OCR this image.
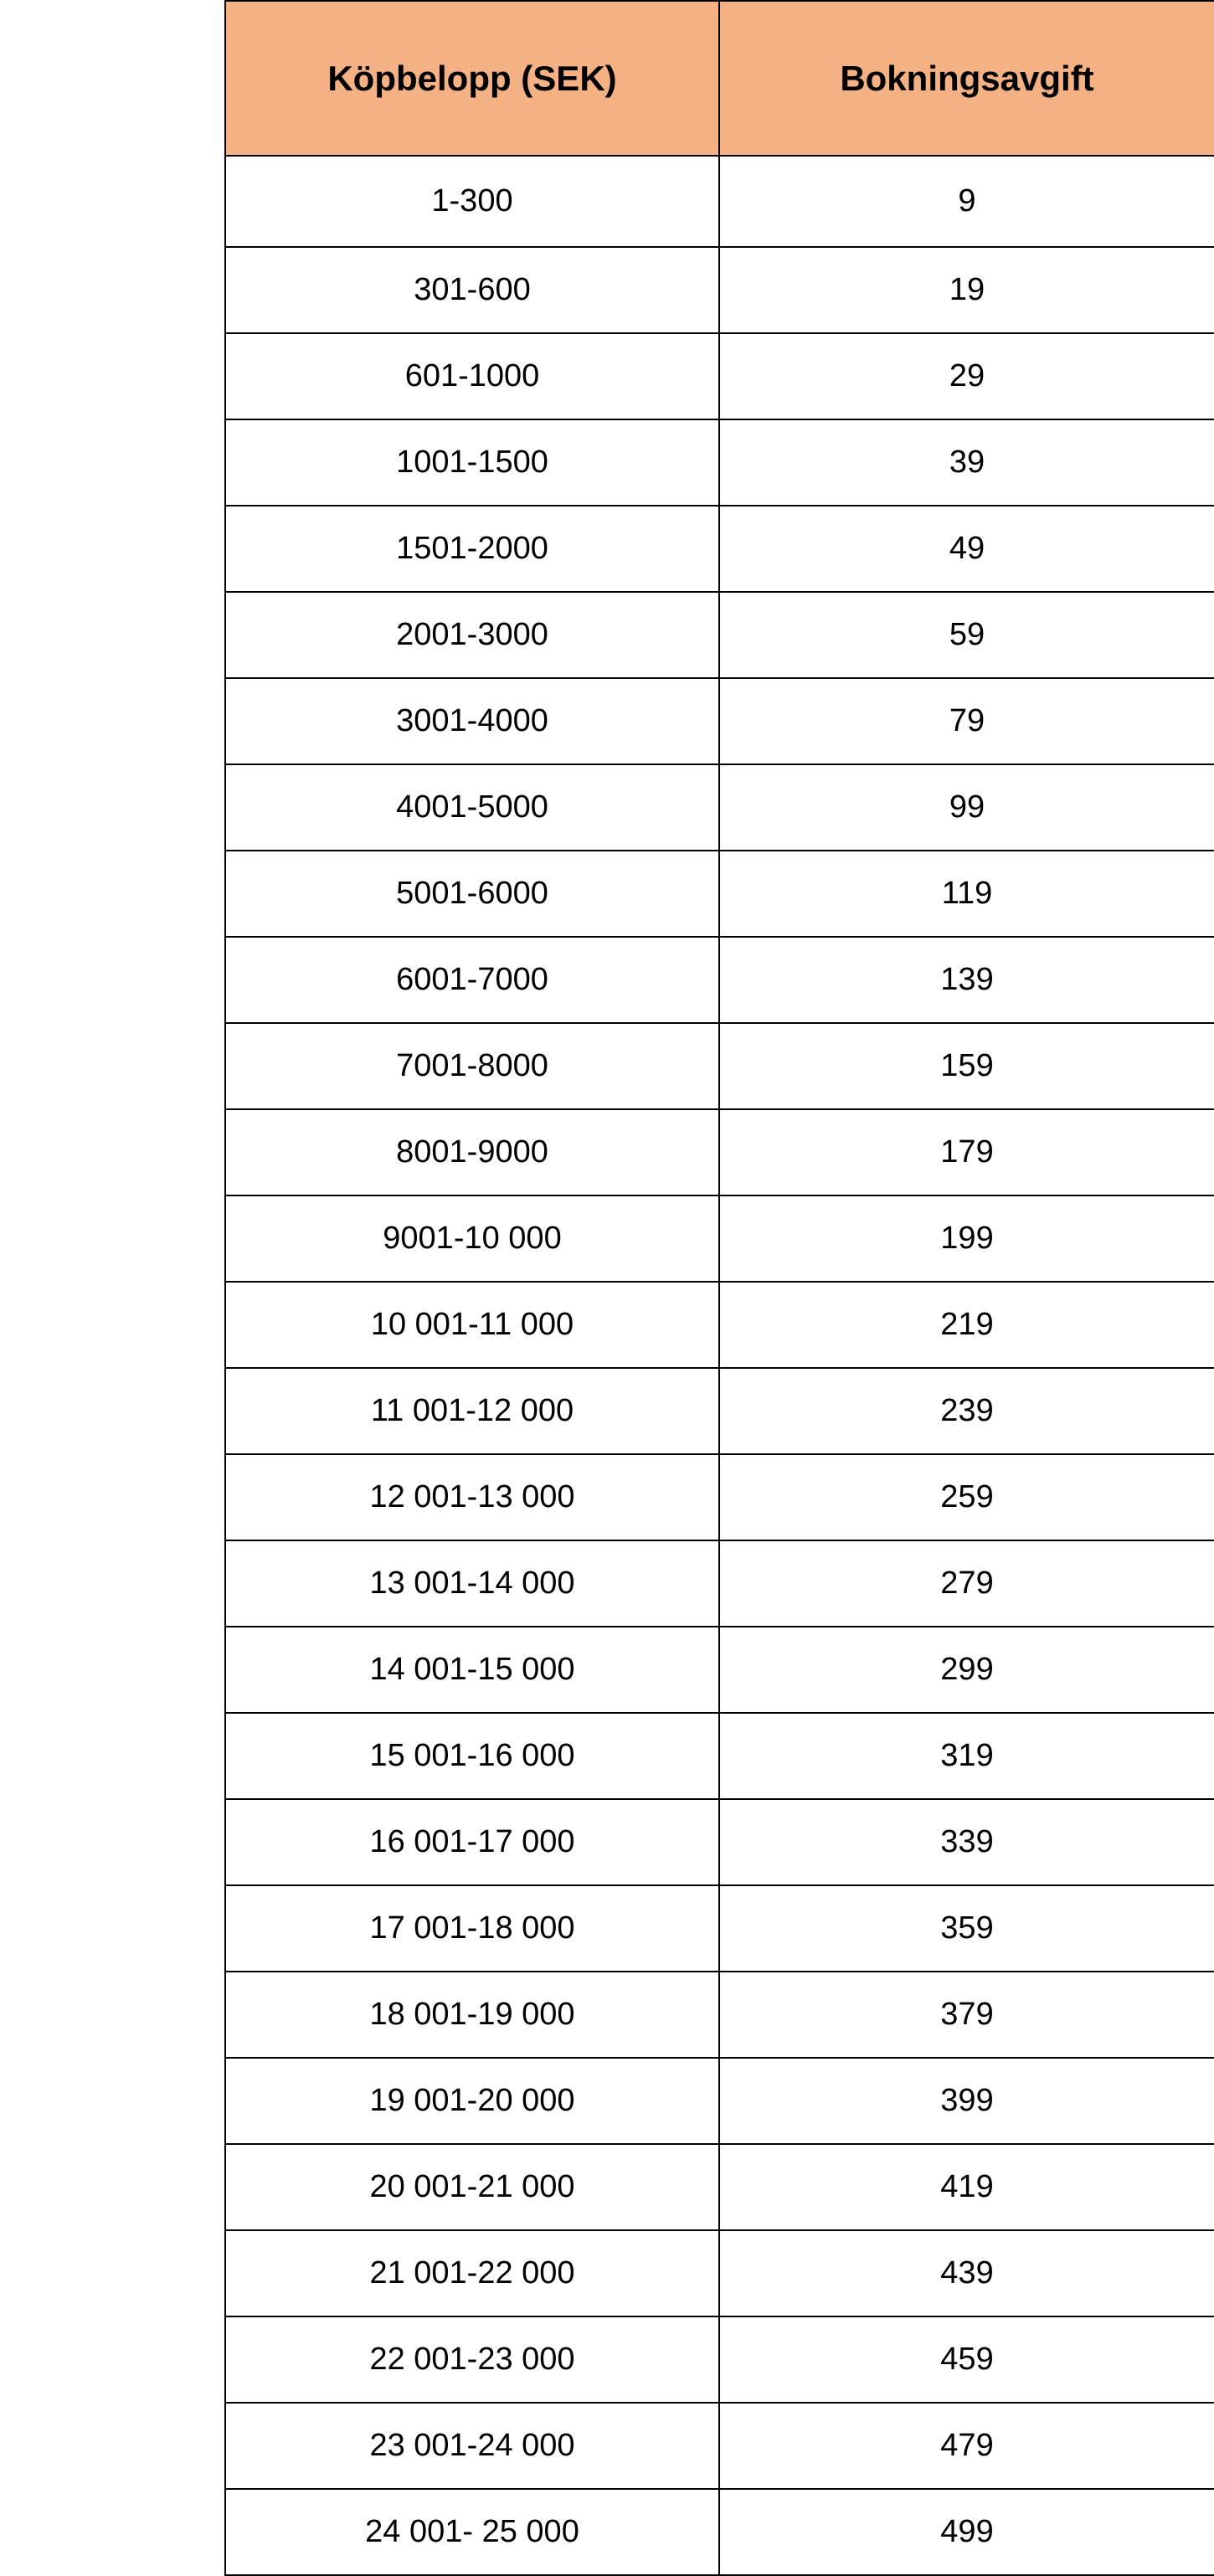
Köpbelopp (SEK)	Bokningsavgift
1-300	9
301-600	19
601-1000	29
1001-1500	39
1501-2000	49
2001-3000	59
3001-4000	79
4001-5000	99
5001-6000	119
6001-7000	139
7001-8000	159
8001-9000	179
9001-10 000	199
10 001-11 000	219
11 001-12 000	239
12 001-13 000	259
13 001-14 000	279
14 001-15 000	299
15 001-16 000	319
16 001-17 000	339
17 001-18 000	359
18 001-19 000	379
19 001-20 000	399
20 001-21 000	419
21 001-22 000	439
22 001-23 000	459
23 001-24 000	479
24 001- 25 000	499
